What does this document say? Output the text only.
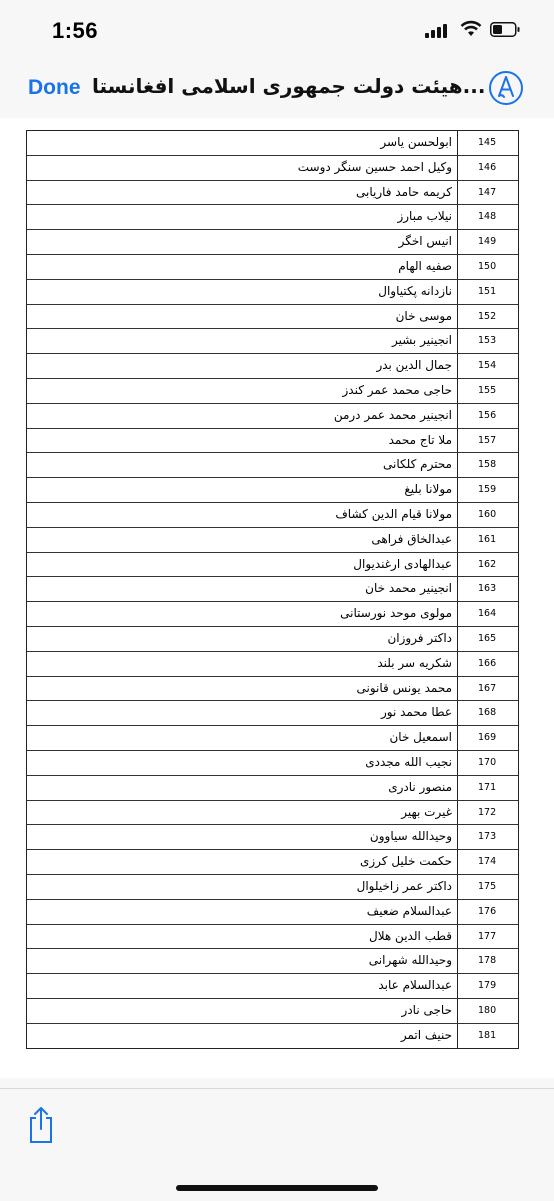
1:56
Done هیئت دولت جمهوری اسلامی افغانستا...
ابولحسن یاسر	145
وکیل احمد حسین سنگر دوست	146
کریمه حامد فاریابی	147
نیلاب مبارز	148
انیس اخگر	149
صفیه الهام	150
نازدانه پکتیاوال	151
موسی خان	152
انجینیر بشیر	153
جمال الدین بدر	154
حاجی محمد عمر کندز	155
انجینیر محمد عمر درمن	156
ملا تاج محمد	157
محترم کلکانی	158
مولانا بلیغ	159
مولانا قیام الدین کشاف	160
عبدالخاق فراهی	161
عبدالهادی ارغندیوال	162
انجینیر محمد خان	163
مولوی موحد نورستانی	164
داکتر فروزان	165
شکریه سر بلند	166
محمد یونس قانونی	167
عطا محمد نور	168
اسمعیل خان	169
نجیب الله مجددی	170
منصور نادری	171
غیرت بهیر	172
وحیدالله سیاوون	173
حکمت خلیل کرزی	174
داکتر عمر زاخیلوال	175
عبدالسلام ضعیف	176
قطب الدین هلال	177
وحیدالله شهرانی	178
عبدالسلام عابد	179
حاجی نادر	180
حنیف اتمر	181
